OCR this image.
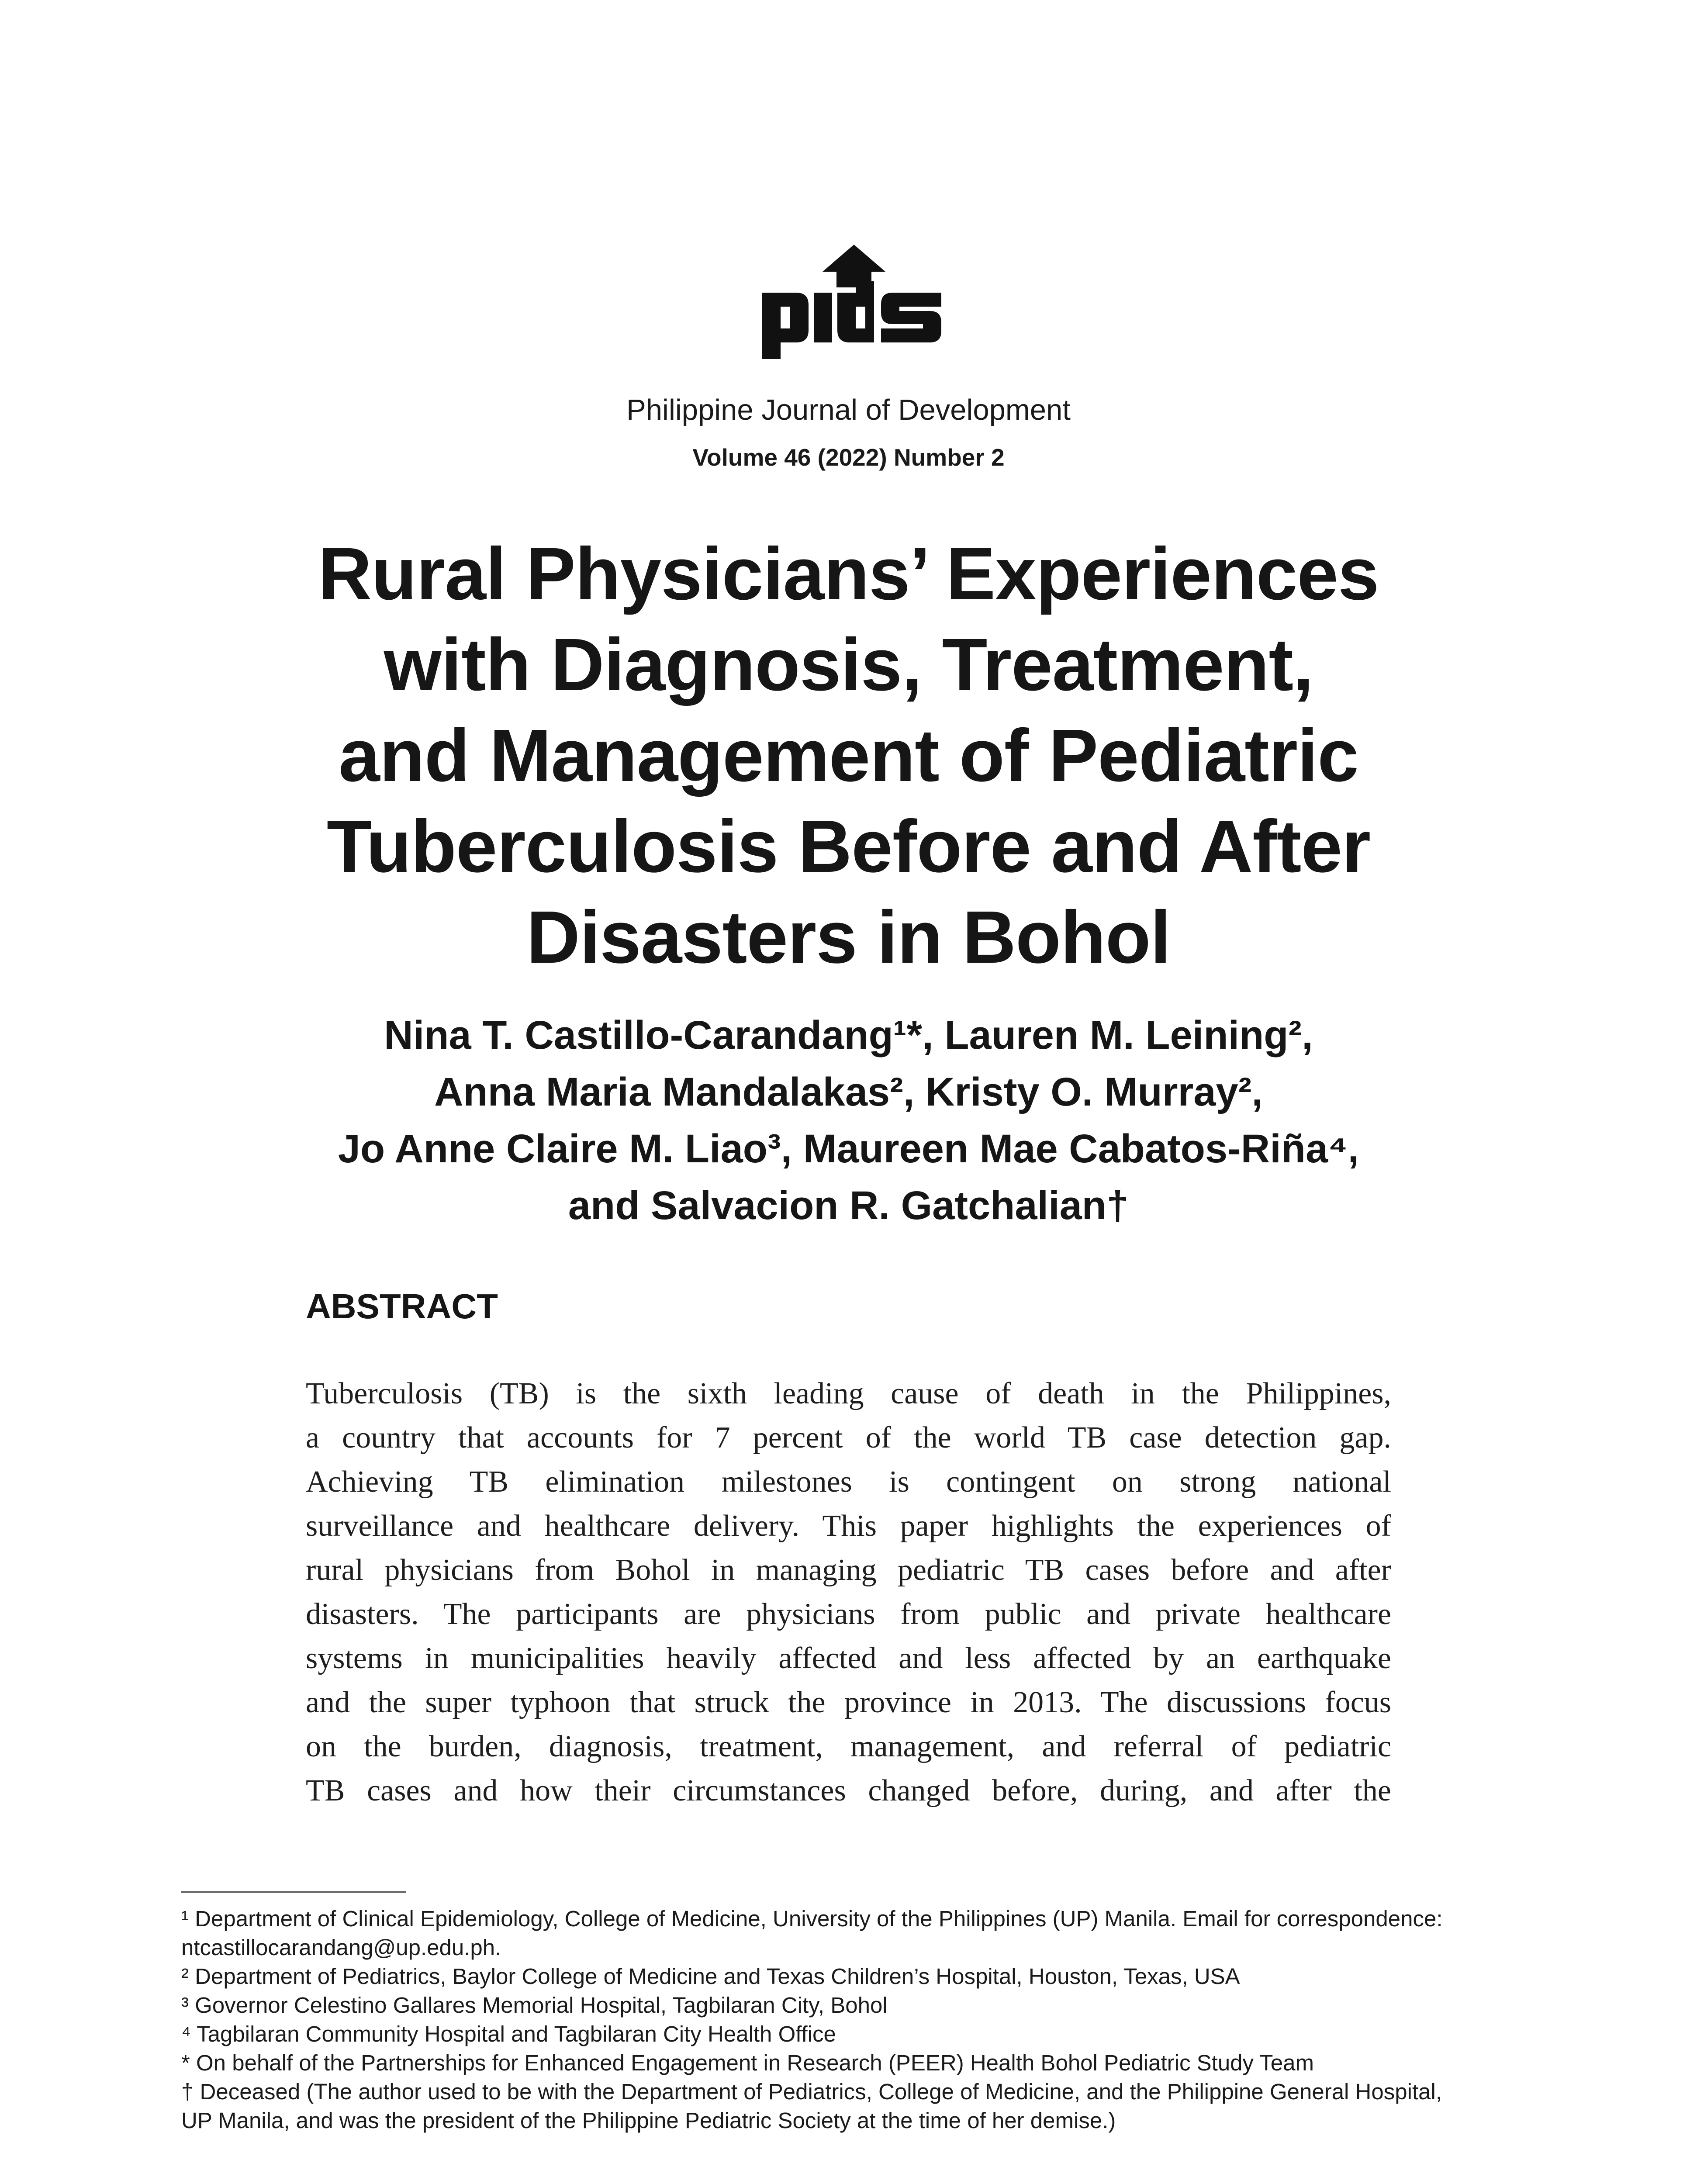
pids
Philippine Journal of Development
Volume 46 (2022) Number 2
Rural Physicians’ Experiences
with Diagnosis, Treatment,
and Management of Pediatric
Tuberculosis Before and After
Disasters in Bohol
Nina T. Castillo-Carandang¹*, Lauren M. Leining²,
Anna Maria Mandalakas², Kristy O. Murray²,
Jo Anne Claire M. Liao³, Maureen Mae Cabatos-Riña⁴,
and Salvacion R. Gatchalian†
ABSTRACT
Tuberculosis (TB) is the sixth leading cause of death in the Philippines,
a country that accounts for 7 percent of the world TB case detection gap.
Achieving TB elimination milestones is contingent on strong national
surveillance and healthcare delivery. This paper highlights the experiences of
rural physicians from Bohol in managing pediatric TB cases before and after
disasters. The participants are physicians from public and private healthcare
systems in municipalities heavily affected and less affected by an earthquake
and the super typhoon that struck the province in 2013. The discussions focus
on the burden, diagnosis, treatment, management, and referral of pediatric
TB cases and how their circumstances changed before, during, and after the
¹ Department of Clinical Epidemiology, College of Medicine, University of the Philippines (UP) Manila. Email for correspondence:
ntcastillocarandang@up.edu.ph.
² Department of Pediatrics, Baylor College of Medicine and Texas Children’s Hospital, Houston, Texas, USA
³ Governor Celestino Gallares Memorial Hospital, Tagbilaran City, Bohol
⁴ Tagbilaran Community Hospital and Tagbilaran City Health Office
* On behalf of the Partnerships for Enhanced Engagement in Research (PEER) Health Bohol Pediatric Study Team
† Deceased (The author used to be with the Department of Pediatrics, College of Medicine, and the Philippine General Hospital,
UP Manila, and was the president of the Philippine Pediatric Society at the time of her demise.)
